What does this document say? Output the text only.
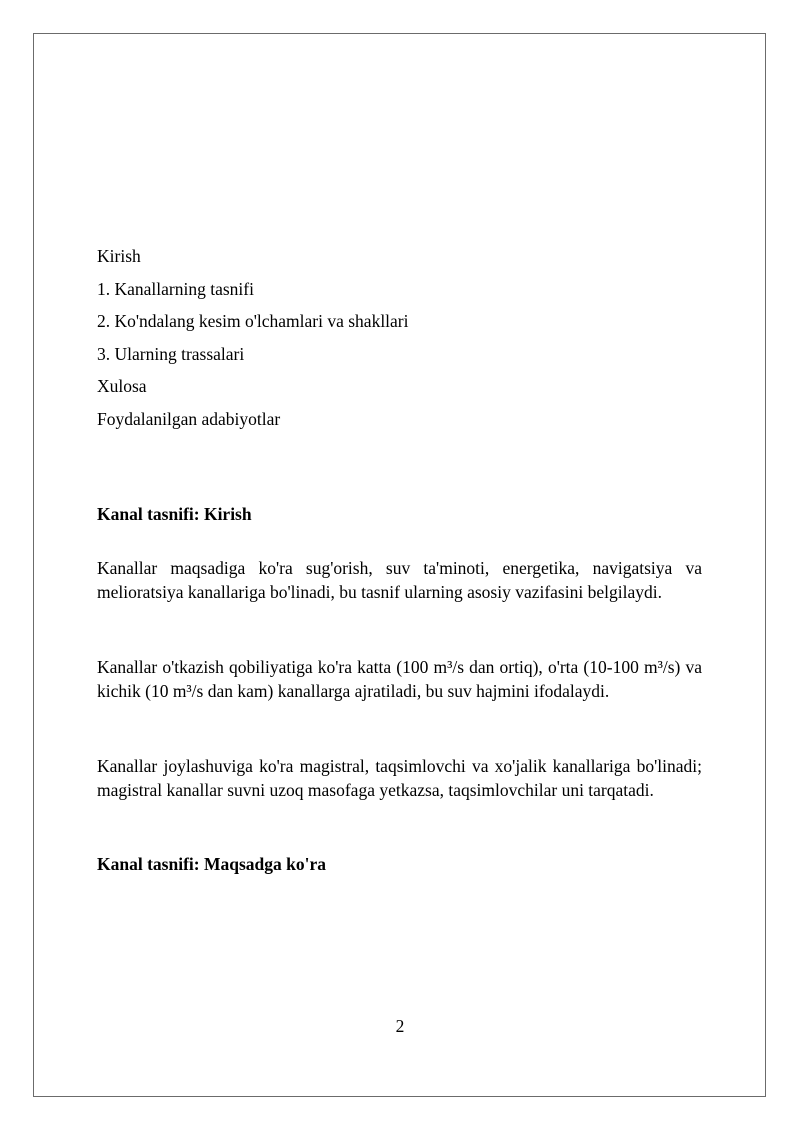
Kirish
1. Kanallarning tasnifi
2. Ko'ndalang kesim o'lchamlari va shakllari
3. Ularning trassalari
Xulosa
Foydalanilgan adabiyotlar

Kanal tasnifi: Kirish

Kanallar maqsadiga ko'ra sug'orish, suv ta'minoti, energetika, navigatsiya va melioratsiya kanallariga bo'linadi, bu tasnif ularning asosiy vazifasini belgilaydi.

Kanallar o'tkazish qobiliyatiga ko'ra katta (100 m³/s dan ortiq), o'rta (10-100 m³/s) va kichik (10 m³/s dan kam) kanallarga ajratiladi, bu suv hajmini ifodalaydi.

Kanallar joylashuviga ko'ra magistral, taqsimlovchi va xo'jalik kanallariga bo'linadi; magistral kanallar suvni uzoq masofaga yetkazsa, taqsimlovchilar uni tarqatadi.

Kanal tasnifi: Maqsadga ko'ra

2
